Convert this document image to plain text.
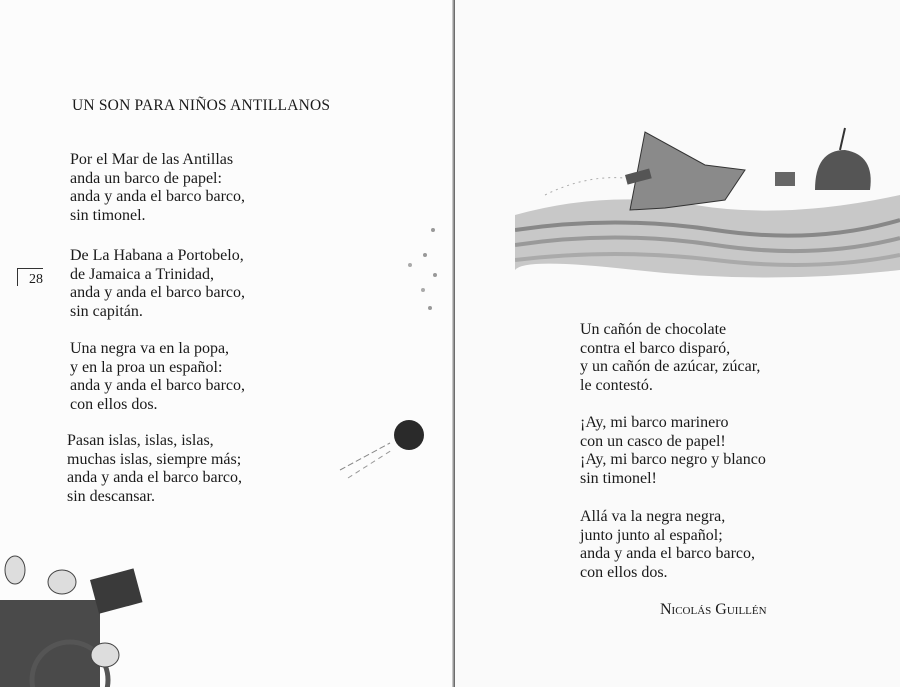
UN SON PARA NIÑOS ANTILLANOS
28
Por el Mar de las Antillas
anda un barco de papel:
anda y anda el barco barco,
sin timonel.
De La Habana a Portobelo,
de Jamaica a Trinidad,
anda y anda el barco barco,
sin capitán.
Una negra va en la popa,
y en la proa un español:
anda y anda el barco barco,
con ellos dos.
Pasan islas, islas, islas,
muchas islas, siempre más;
anda y anda el barco barco,
sin descansar.
Un cañón de chocolate
contra el barco disparó,
y un cañón de azúcar, zúcar,
le contestó.
¡Ay, mi barco marinero
con un casco de papel!
¡Ay, mi barco negro y blanco
sin timonel!
Allá va la negra negra,
junto junto al español;
anda y anda el barco barco,
con ellos dos.
Nicolás Guillén
